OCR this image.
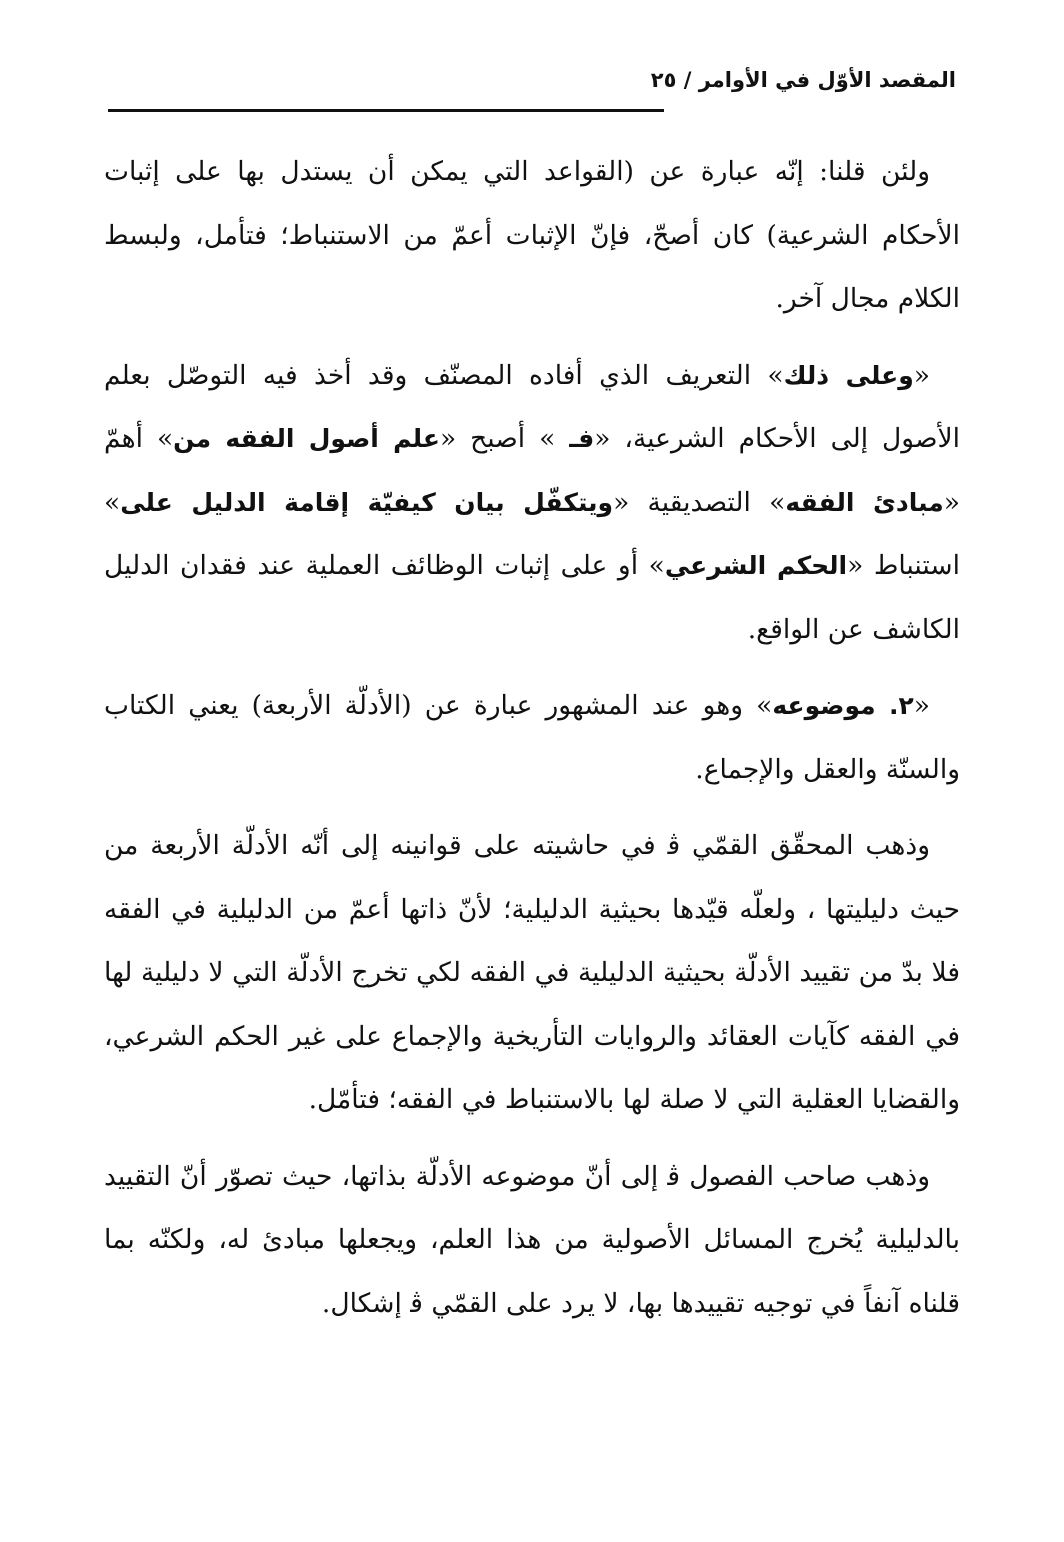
المقصد الأوّل في الأوامر / ٢٥

ولئن قلنا: إنّه عبارة عن (القواعد التي يمكن أن يستدل بها على إثبات الأحكام الشرعية) كان أصحّ، فإنّ الإثبات أعمّ من الاستنباط؛ فتأمل، ولبسط الكلام مجال آخر.

«وعلى ذلك» التعريف الذي أفاده المصنّف وقد أخذ فيه التوصّل بعلم الأصول إلى الأحكام الشرعية، «فـ » أصبح «علم أصول الفقه من» أهمّ «مبادئ الفقه» التصديقية «ويتكفّل بيان كيفيّة إقامة الدليل على» استنباط «الحكم الشرعي» أو على إثبات الوظائف العملية عند فقدان الدليل الكاشف عن الواقع.

«٢. موضوعه» وهو عند المشهور عبارة عن (الأدلّة الأربعة) يعني الكتاب والسنّة والعقل والإجماع.

وذهب المحقّق القمّي ﭬ في حاشيته على قوانينه إلى أنّه الأدلّة الأربعة من حيث دليليتها ، ولعلّه قيّدها بحيثية الدليلية؛ لأنّ ذاتها أعمّ من الدليلية في الفقه فلا بدّ من تقييد الأدلّة بحيثية الدليلية في الفقه لكي تخرج الأدلّة التي لا دليلية لها في الفقه كآيات العقائد والروايات التأريخية والإجماع على غير الحكم الشرعي، والقضايا العقلية التي لا صلة لها بالاستنباط في الفقه؛ فتأمّل.

وذهب صاحب الفصول ﭬ إلى أنّ موضوعه الأدلّة بذاتها، حيث تصوّر أنّ التقييد بالدليلية يُخرج المسائل الأصولية من هذا العلم، ويجعلها مبادئ له، ولكنّه بما قلناه آنفاً في توجيه تقييدها بها، لا يرد على القمّي ﭬ إشكال.
